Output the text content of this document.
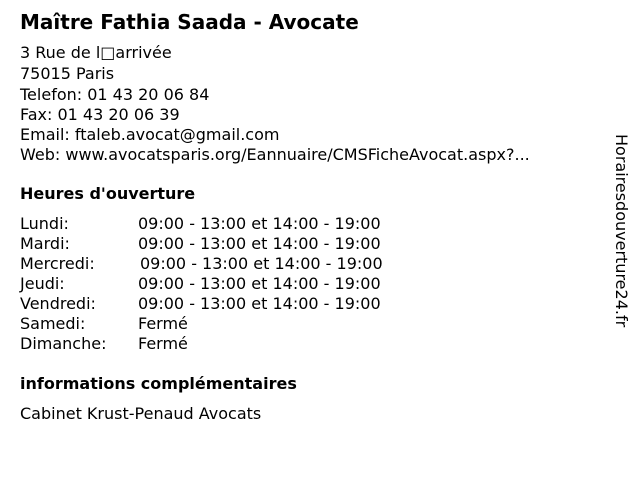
Maître Fathia Saada - Avocate
3 Rue de l□arrivée
75015 Paris
Telefon: 01 43 20 06 84
Fax: 01 43 20 06 39
Email: ftaleb.avocat@gmail.com
Web: www.avocatsparis.org/Eannuaire/CMSFicheAvocat.aspx?...
Heures d'ouverture
Lundi:	09:00 - 13:00 et 14:00 - 19:00
Mardi:	09:00 - 13:00 et 14:00 - 19:00
Mercredi:	09:00 - 13:00 et 14:00 - 19:00
Jeudi:	09:00 - 13:00 et 14:00 - 19:00
Vendredi:	09:00 - 13:00 et 14:00 - 19:00
Samedi:	Fermé
Dimanche: Fermé
informations complémentaires
Cabinet Krust-Penaud Avocats
Horairesdouverture24.fr
